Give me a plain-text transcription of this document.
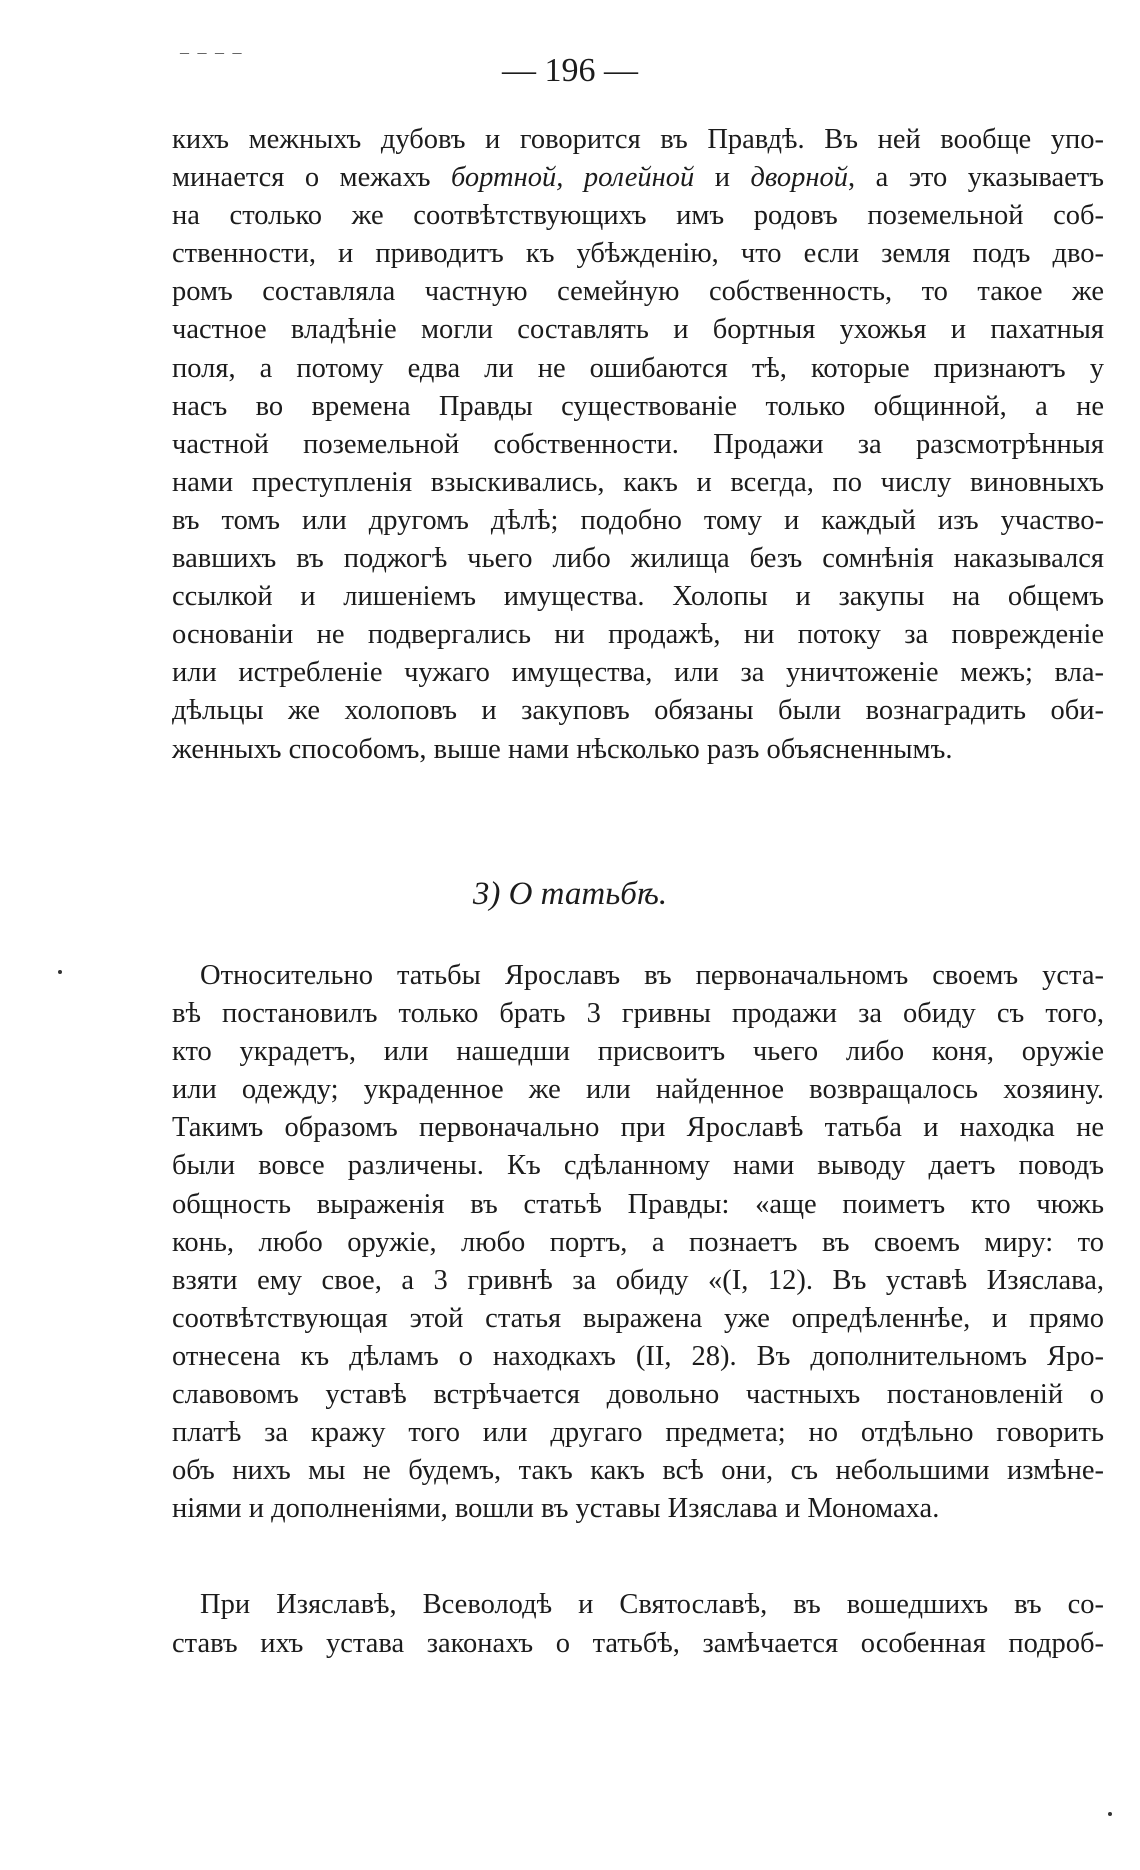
‒ ‒ ‒ ‒	— 196 —
кихъ межныхъ дубовъ и говорится въ Правдѣ. Въ ней вообще упо-
минается о межахъ бортной, ролейной и дворной, а это указываетъ
на столько же соотвѣтствующихъ имъ родовъ поземельной соб-
ственности, и приводитъ къ убѣжденію, что если земля подъ дво-
ромъ составляла частную семейную собственность, то такое же
частное владѣніе могли составлять и бортныя ухожья и пахатныя
поля, а потому едва ли не ошибаются тѣ, которые признаютъ у
насъ во времена Правды существованіе только общинной, а не
частной поземельной собственности. Продажи за разсмотрѣнныя
нами преступленія взыскивались, какъ и всегда, по числу виновныхъ
въ томъ или другомъ дѣлѣ; подобно тому и каждый изъ участво-
вавшихъ въ поджогѣ чьего либо жилища безъ сомнѣнія наказывался
ссылкой и лишеніемъ имущества. Холопы и закупы на общемъ
основаніи не подвергались ни продажѣ, ни потоку за поврежденіе
или истребленіе чужаго имущества, или за уничтоженіе межъ; вла-
дѣльцы же холоповъ и закуповъ обязаны были вознаградить оби-
женныхъ способомъ, выше нами нѣсколько разъ объясненнымъ.
3) О татьбѣ.
Относительно татьбы Ярославъ въ первоначальномъ своемъ уста-
вѣ постановилъ только брать 3 гривны продажи за обиду съ того,
кто украдетъ, или нашедши присвоитъ чьего либо коня, оружіе
или одежду; украденное же или найденное возвращалось хозяину.
Такимъ образомъ первоначально при Ярославѣ татьба и находка не
были вовсе различены. Къ сдѣланному нами выводу даетъ поводъ
общность выраженія въ статьѣ Правды: «аще поиметъ кто чюжь
конь, любо оружіе, любо портъ, а познаетъ въ своемъ миру: то
взяти ему свое, а 3 гривнѣ за обиду «(I, 12). Въ уставѣ Изяслава,
соотвѣтствующая этой статья выражена уже опредѣленнѣе, и прямо
отнесена къ дѣламъ о находкахъ (II, 28). Въ дополнительномъ Яро-
славовомъ уставѣ встрѣчается довольно частныхъ постановленій о
платѣ за кражу того или другаго предмета; но отдѣльно говорить
объ нихъ мы не будемъ, такъ какъ всѣ они, съ небольшими измѣне-
ніями и дополненіями, вошли въ уставы Изяслава и Мономаха.
При Изяславѣ, Всеволодѣ и Святославѣ, въ вошедшихъ въ со-
ставъ ихъ устава законахъ о татьбѣ, замѣчается особенная подроб-
